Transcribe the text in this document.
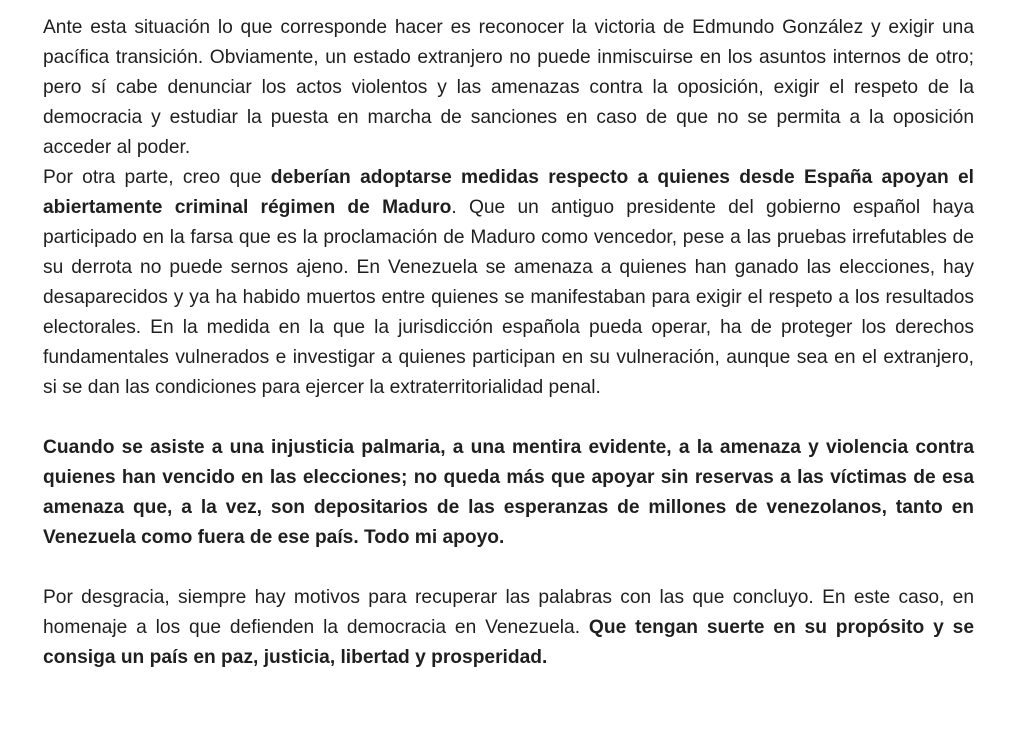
Ante esta situación lo que corresponde hacer es reconocer la victoria de Edmundo González y exigir una pacífica transición. Obviamente, un estado extranjero no puede inmiscuirse en los asuntos internos de otro; pero sí cabe denunciar los actos violentos y las amenazas contra la oposición, exigir el respeto de la democracia y estudiar la puesta en marcha de sanciones en caso de que no se permita a la oposición acceder al poder.

Por otra parte, creo que deberían adoptarse medidas respecto a quienes desde España apoyan el abiertamente criminal régimen de Maduro. Que un antiguo presidente del gobierno español haya participado en la farsa que es la proclamación de Maduro como vencedor, pese a las pruebas irrefutables de su derrota no puede sernos ajeno. En Venezuela se amenaza a quienes han ganado las elecciones, hay desaparecidos y ya ha habido muertos entre quienes se manifestaban para exigir el respeto a los resultados electorales. En la medida en la que la jurisdicción española pueda operar, ha de proteger los derechos fundamentales vulnerados e investigar a quienes participan en su vulneración, aunque sea en el extranjero, si se dan las condiciones para ejercer la extraterritorialidad penal.

Cuando se asiste a una injusticia palmaria, a una mentira evidente, a la amenaza y violencia contra quienes han vencido en las elecciones; no queda más que apoyar sin reservas a las víctimas de esa amenaza que, a la vez, son depositarios de las esperanzas de millones de venezolanos, tanto en Venezuela como fuera de ese país. Todo mi apoyo.

Por desgracia, siempre hay motivos para recuperar las palabras con las que concluyo. En este caso, en homenaje a los que defienden la democracia en Venezuela. Que tengan suerte en su propósito y se consiga un país en paz, justicia, libertad y prosperidad.
